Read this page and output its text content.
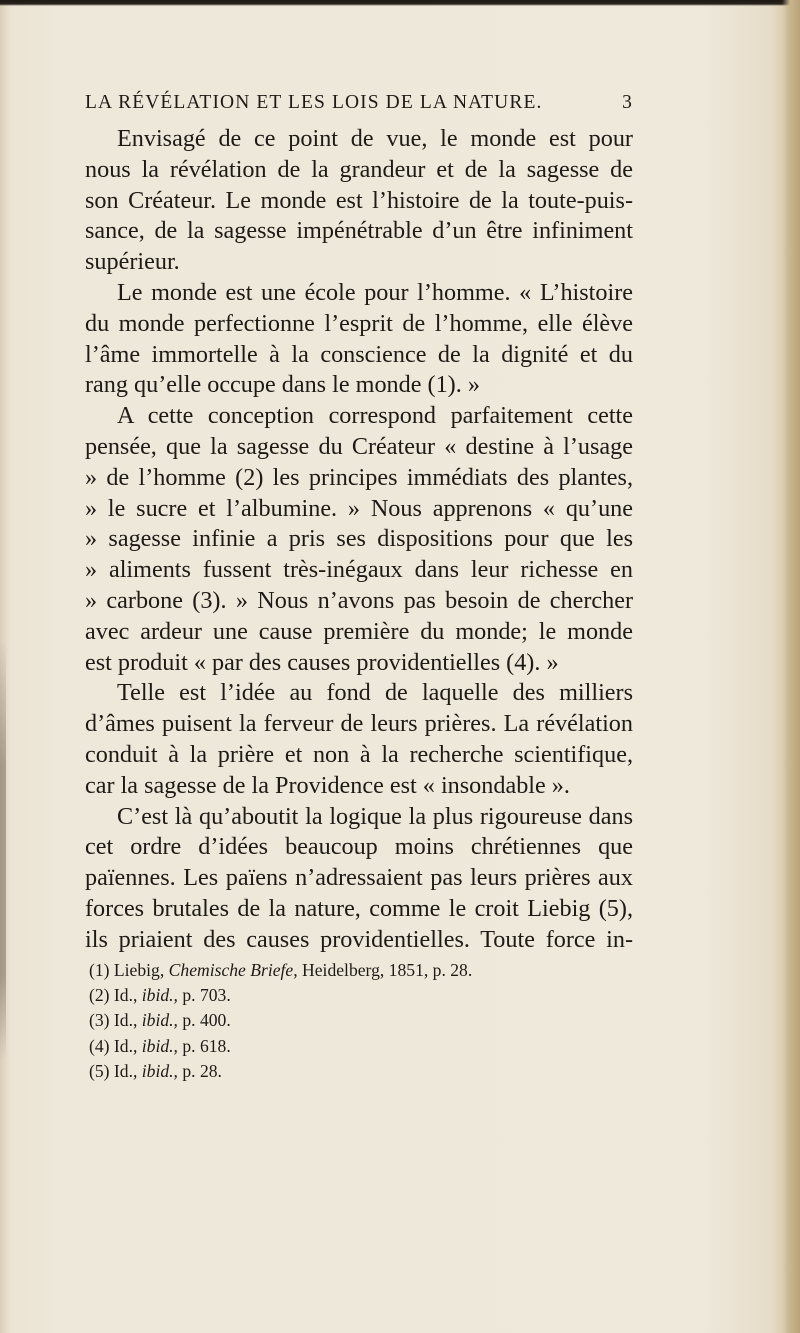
LA RÉVÉLATION ET LES LOIS DE LA NATURE.	3
Envisagé de ce point de vue, le monde est pour
nous la révélation de la grandeur et de la sagesse de
son Créateur. Le monde est l’histoire de la toute-puis-
sance, de la sagesse impénétrable d’un être infiniment
supérieur.
Le monde est une école pour l’homme. « L’histoire
du monde perfectionne l’esprit de l’homme, elle élève
l’âme immortelle à la conscience de la dignité et du
rang qu’elle occupe dans le monde (1). »
A cette conception correspond parfaitement cette
pensée, que la sagesse du Créateur « destine à l’usage
» de l’homme (2) les principes immédiats des plantes,
» le sucre et l’albumine. » Nous apprenons « qu’une
» sagesse infinie a pris ses dispositions pour que les
» aliments fussent très-inégaux dans leur richesse en
» carbone (3). » Nous n’avons pas besoin de chercher
avec ardeur une cause première du monde; le monde
est produit « par des causes providentielles (4). »
Telle est l’idée au fond de laquelle des milliers
d’âmes puisent la ferveur de leurs prières. La révélation
conduit à la prière et non à la recherche scientifique,
car la sagesse de la Providence est « insondable ».
C’est là qu’aboutit la logique la plus rigoureuse dans
cet ordre d’idées beaucoup moins chrétiennes que
païennes. Les païens n’adressaient pas leurs prières aux
forces brutales de la nature, comme le croit Liebig (5),
ils priaient des causes providentielles. Toute force in-
(1) Liebig, Chemische Briefe, Heidelberg, 1851, p. 28.
(2) Id., ibid., p. 703.
(3) Id., ibid., p. 400.
(4) Id., ibid., p. 618.
(5) Id., ibid., p. 28.
